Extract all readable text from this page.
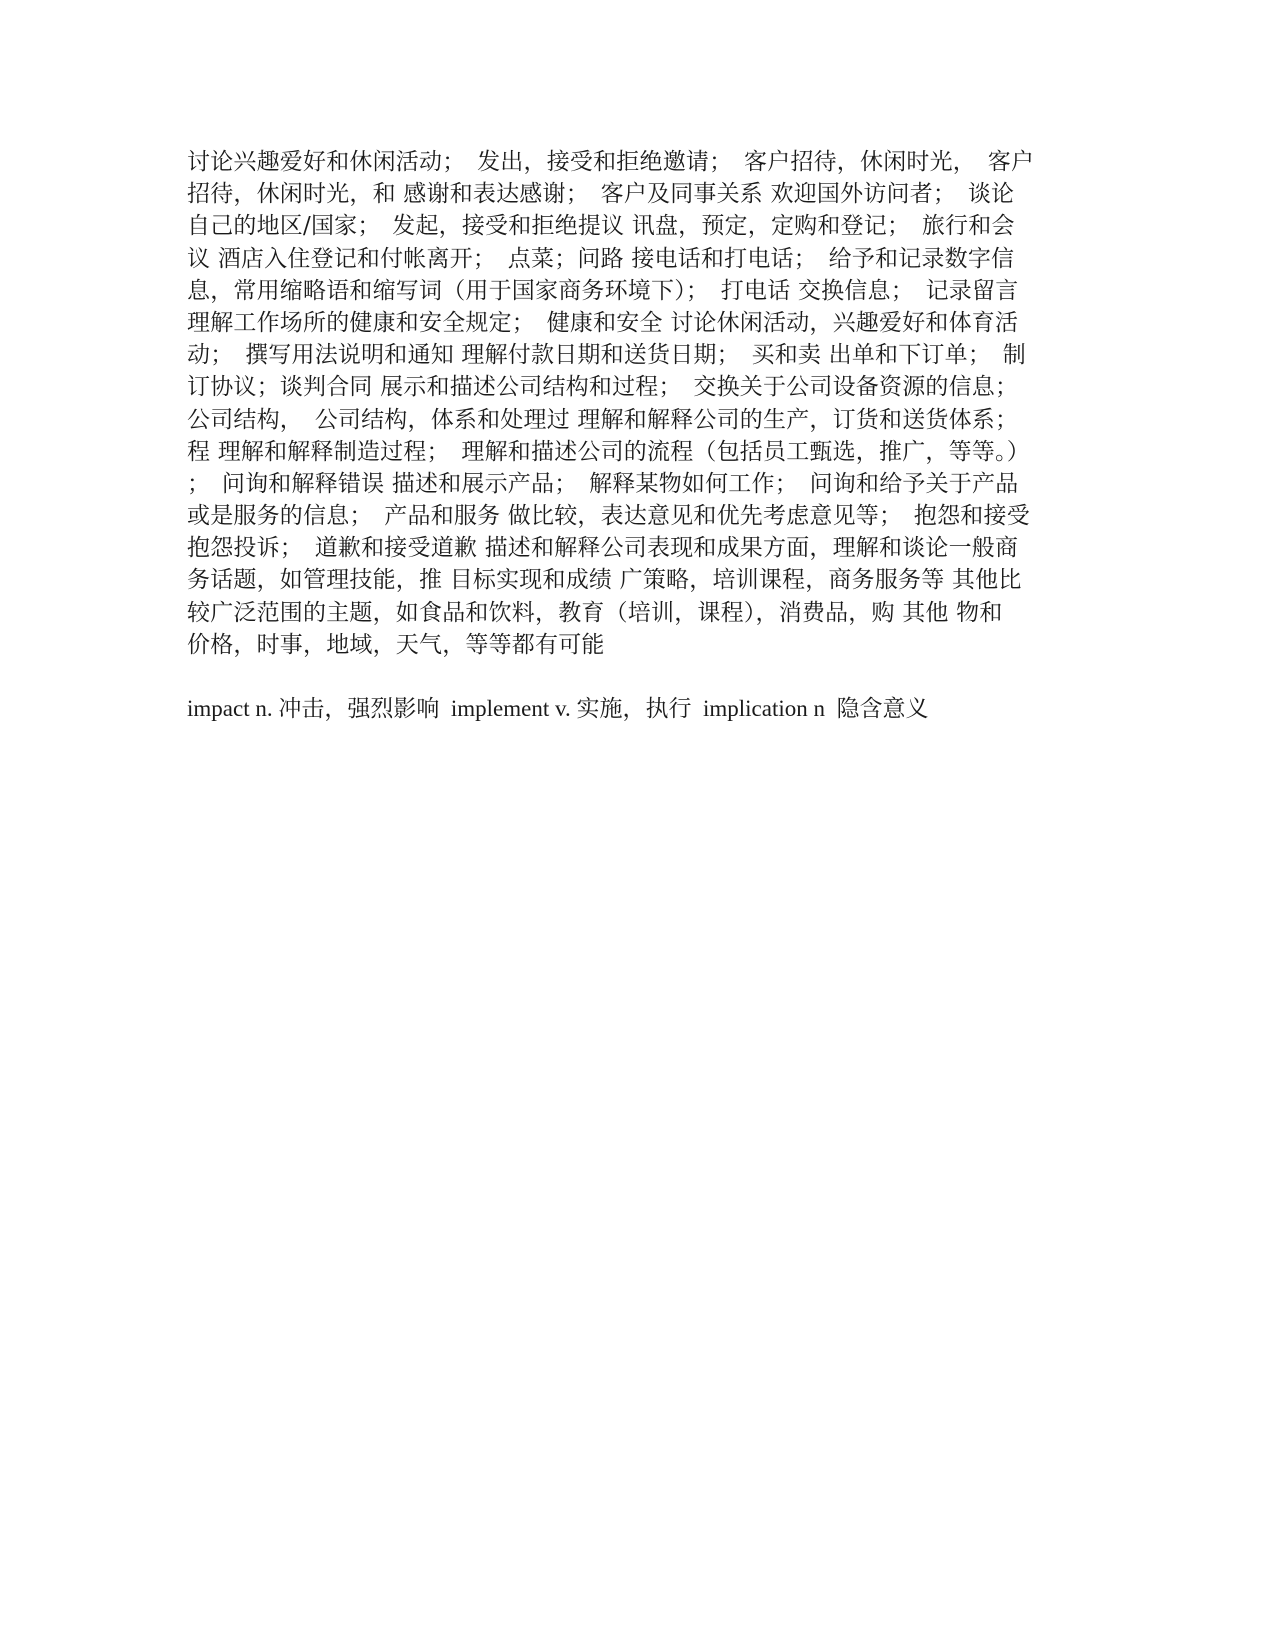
讨论兴趣爱好和休闲活动；　发出，接受和拒绝邀请；　客户招待，休闲时光，　客户
招待，休闲时光，和 感谢和表达感谢；　客户及同事关系 欢迎国外访问者；　谈论
自己的地区/国家；　发起，接受和拒绝提议 讯盘，预定，定购和登记；　旅行和会
议 酒店入住登记和付帐离开；　点菜；问路 接电话和打电话；　给予和记录数字信
息，常用缩略语和缩写词（用于国家商务环境下）；　打电话 交换信息；　记录留言
理解工作场所的健康和安全规定；　健康和安全 讨论休闲活动，兴趣爱好和体育活
动；　撰写用法说明和通知 理解付款日期和送货日期；　买和卖 出单和下订单；　制
订协议；谈判合同 展示和描述公司结构和过程；　交换关于公司设备资源的信息；
公司结构，　公司结构，体系和处理过 理解和解释公司的生产，订货和送货体系；
程 理解和解释制造过程；　理解和描述公司的流程（包括员工甄选，推广，等等。）
；　问询和解释错误 描述和展示产品；　解释某物如何工作；　问询和给予关于产品
或是服务的信息；　产品和服务 做比较，表达意见和优先考虑意见等；　抱怨和接受
抱怨投诉；　道歉和接受道歉 描述和解释公司表现和成果方面，理解和谈论一般商
务话题，如管理技能，推 目标实现和成绩 广策略，培训课程，商务服务等 其他比
较广泛范围的主题，如食品和饮料，教育（培训，课程），消费品，购 其他 物和
价格，时事，地域，天气，等等都有可能
impact n. 冲击，强烈影响  implement v. 实施，执行  implication n  隐含意义
